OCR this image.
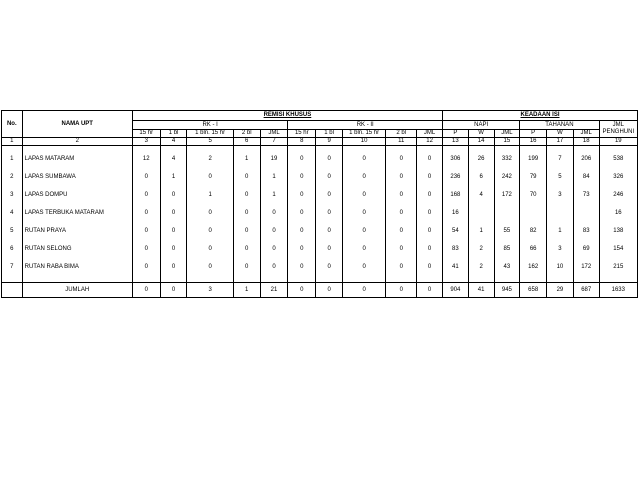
No.	NAMA UPT	REMISI KHUSUS										KEADAAN ISI						
		RK - I					RK - II					NAPI			TAHANAN			JML PENGHUNI
		15 hr	1 bl	1 bln. 15 hr	2 bl	JML	15 hr	1 bl	1 bln. 15 hr	2 bl	JML	P	W	JML	P	W	JML	
1	2	3	4	5	6	7	8	9	10	11	12	13	14	15	16	17	18	19

1	LAPAS MATARAM	12	4	2	1	19	0	0	0	0	0	306	26	332	199	7	206	538
2	LAPAS SUMBAWA	0	1	0	0	1	0	0	0	0	0	236	6	242	79	5	84	326
3	LAPAS DOMPU	0	0	1	0	1	0	0	0	0	0	168	4	172	70	3	73	246
4	LAPAS TERBUKA MATARAM	0	0	0	0	0	0	0	0	0	0	16						16
5	RUTAN PRAYA	0	0	0	0	0	0	0	0	0	0	54	1	55	82	1	83	138
6	RUTAN SELONG	0	0	0	0	0	0	0	0	0	0	83	2	85	66	3	69	154
7	RUTAN RABA BIMA	0	0	0	0	0	0	0	0	0	0	41	2	43	162	10	172	215

	JUMLAH	0	0	3	1	21	0	0	0	0	0	904	41	945	658	29	687	1633
